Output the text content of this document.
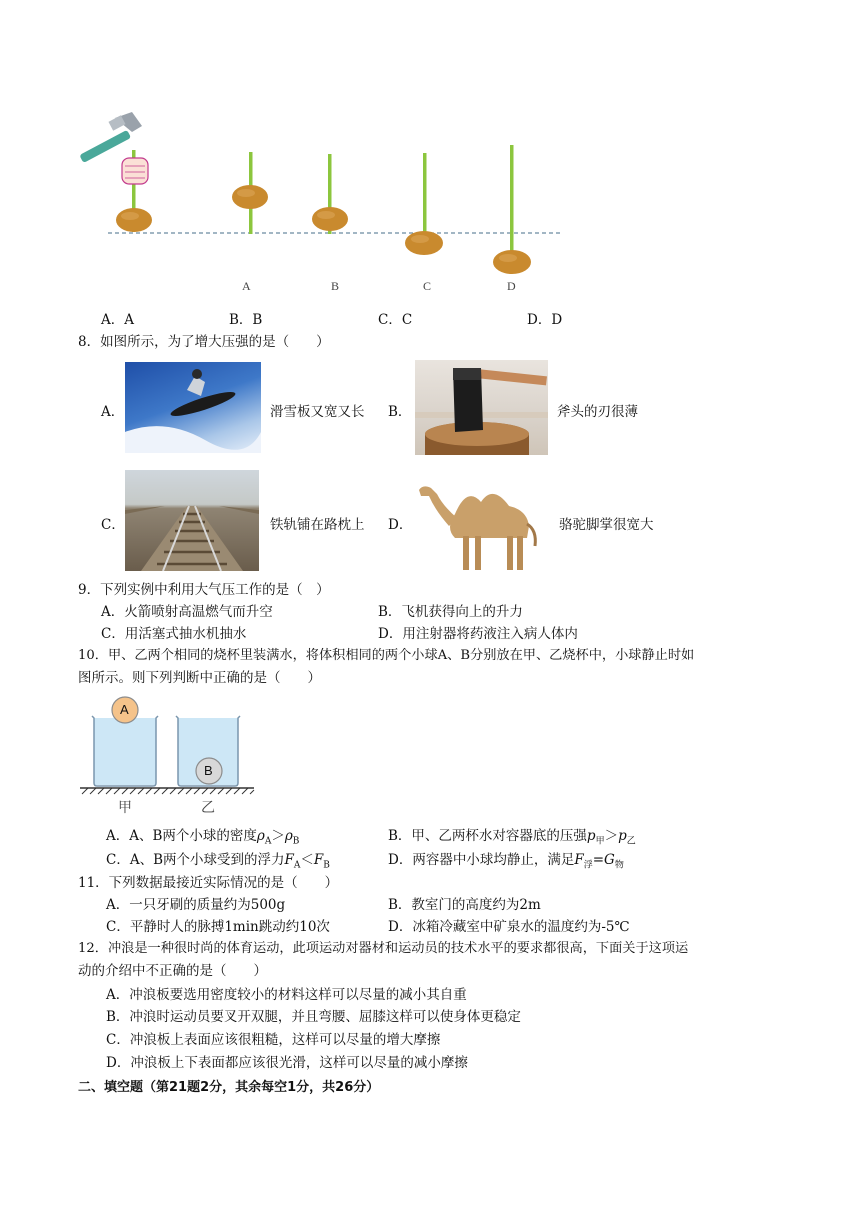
A	B	C	D
A．A	B．B	C．C	D．D
8．如图所示，为了增大压强的是（　　）
A．	滑雪板又宽又长 B．	斧头的刃很薄
C．	铁轨铺在路枕上 D．	骆驼脚掌很宽大
9．下列实例中利用大气压工作的是（　）
A．火箭喷射高温燃气而升空	B．飞机获得向上的升力
C．用活塞式抽水机抽水	D．用注射器将药液注入病人体内
10．甲、乙两个相同的烧杯里装满水，将体积相同的两个小球A、B分别放在甲、乙烧杯中，小球静止时如
图所示。则下列判断中正确的是（　　）
A
B
甲	乙
A．A、B两个小球的密度$\rho_A>\rho_B$	B．甲、乙两杯水对容器底的压强$p_甲>p_乙$
C．A、B两个小球受到的浮力$F_A<F_B$	D．两容器中小球均静止，满足$F_浮=G_物$
11．下列数据最接近实际情况的是（　　）
A．一只牙刷的质量约为500g	B．教室门的高度约为2m
C．平静时人的脉搏1min跳动约10次	D．冰箱冷藏室中矿泉水的温度约为-5℃
12．冲浪是一种很时尚的体育运动，此项运动对器材和运动员的技术水平的要求都很高，下面关于这项运
动的介绍中不正确的是（　　）
A．冲浪板要选用密度较小的材料这样可以尽量的减小其自重
B．冲浪时运动员要叉开双腿，并且弯腰、屈膝这样可以使身体更稳定
C．冲浪板上表面应该很粗糙，这样可以尽量的增大摩擦
D．冲浪板上下表面都应该很光滑，这样可以尽量的减小摩擦
二、填空题（第21题2分，其余每空1分，共26分）
